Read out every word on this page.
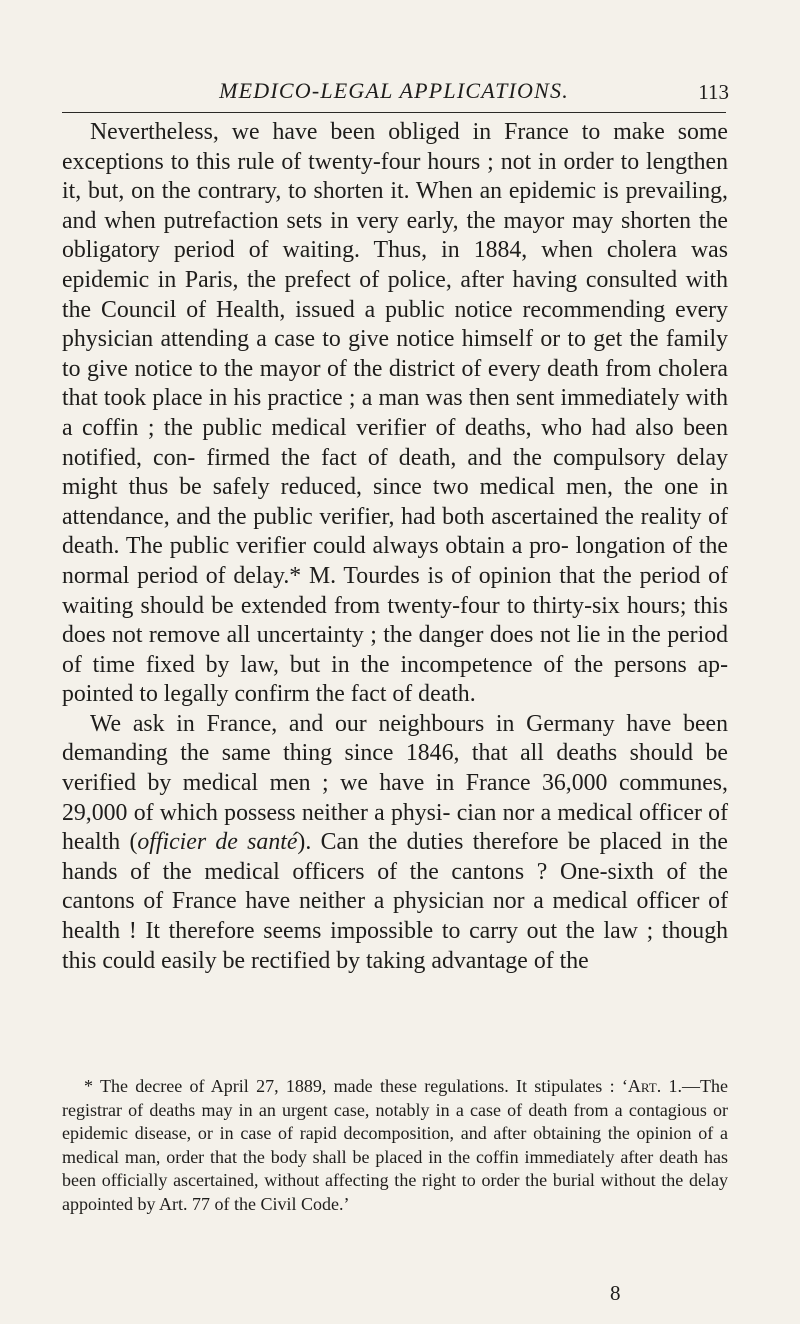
MEDICO-LEGAL APPLICATIONS.	113

Nevertheless, we have been obliged in France to make some exceptions to this rule of twenty-four hours ; not in order to lengthen it, but, on the contrary, to shorten it. When an epidemic is prevailing, and when putrefaction sets in very early, the mayor may shorten the obligatory period of waiting. Thus, in 1884, when cholera was epidemic in Paris, the prefect of police, after having consulted with the Council of Health, issued a public notice recommending every physician attending a case to give notice himself or to get the family to give notice to the mayor of the district of every death from cholera that took place in his practice ; a man was then sent immediately with a coffin ; the public medical verifier of deaths, who had also been notified, con- firmed the fact of death, and the compulsory delay might thus be safely reduced, since two medical men, the one in attendance, and the public verifier, had both ascertained the reality of death. The public verifier could always obtain a pro- longation of the normal period of delay.* M. Tourdes is of opinion that the period of waiting should be extended from twenty-four to thirty-six hours; this does not remove all uncertainty ; the danger does not lie in the period of time fixed by law, but in the incompetence of the persons ap- pointed to legally confirm the fact of death.

We ask in France, and our neighbours in Germany have been demanding the same thing since 1846, that all deaths should be verified by medical men ; we have in France 36,000 communes, 29,000 of which possess neither a physi- cian nor a medical officer of health (officier de santé). Can the duties therefore be placed in the hands of the medical officers of the cantons ? One-sixth of the cantons of France have neither a physician nor a medical officer of health ! It therefore seems impossible to carry out the law ; though this could easily be rectified by taking advantage of the

* The decree of April 27, 1889, made these regulations. It stipulates : ‘Art. 1.—The registrar of deaths may in an urgent case, notably in a case of death from a contagious or epidemic disease, or in case of rapid decomposition, and after obtaining the opinion of a medical man, order that the body shall be placed in the coffin immediately after death has been officially ascertained, without affecting the right to order the burial without the delay appointed by Art. 77 of the Civil Code.’

8
